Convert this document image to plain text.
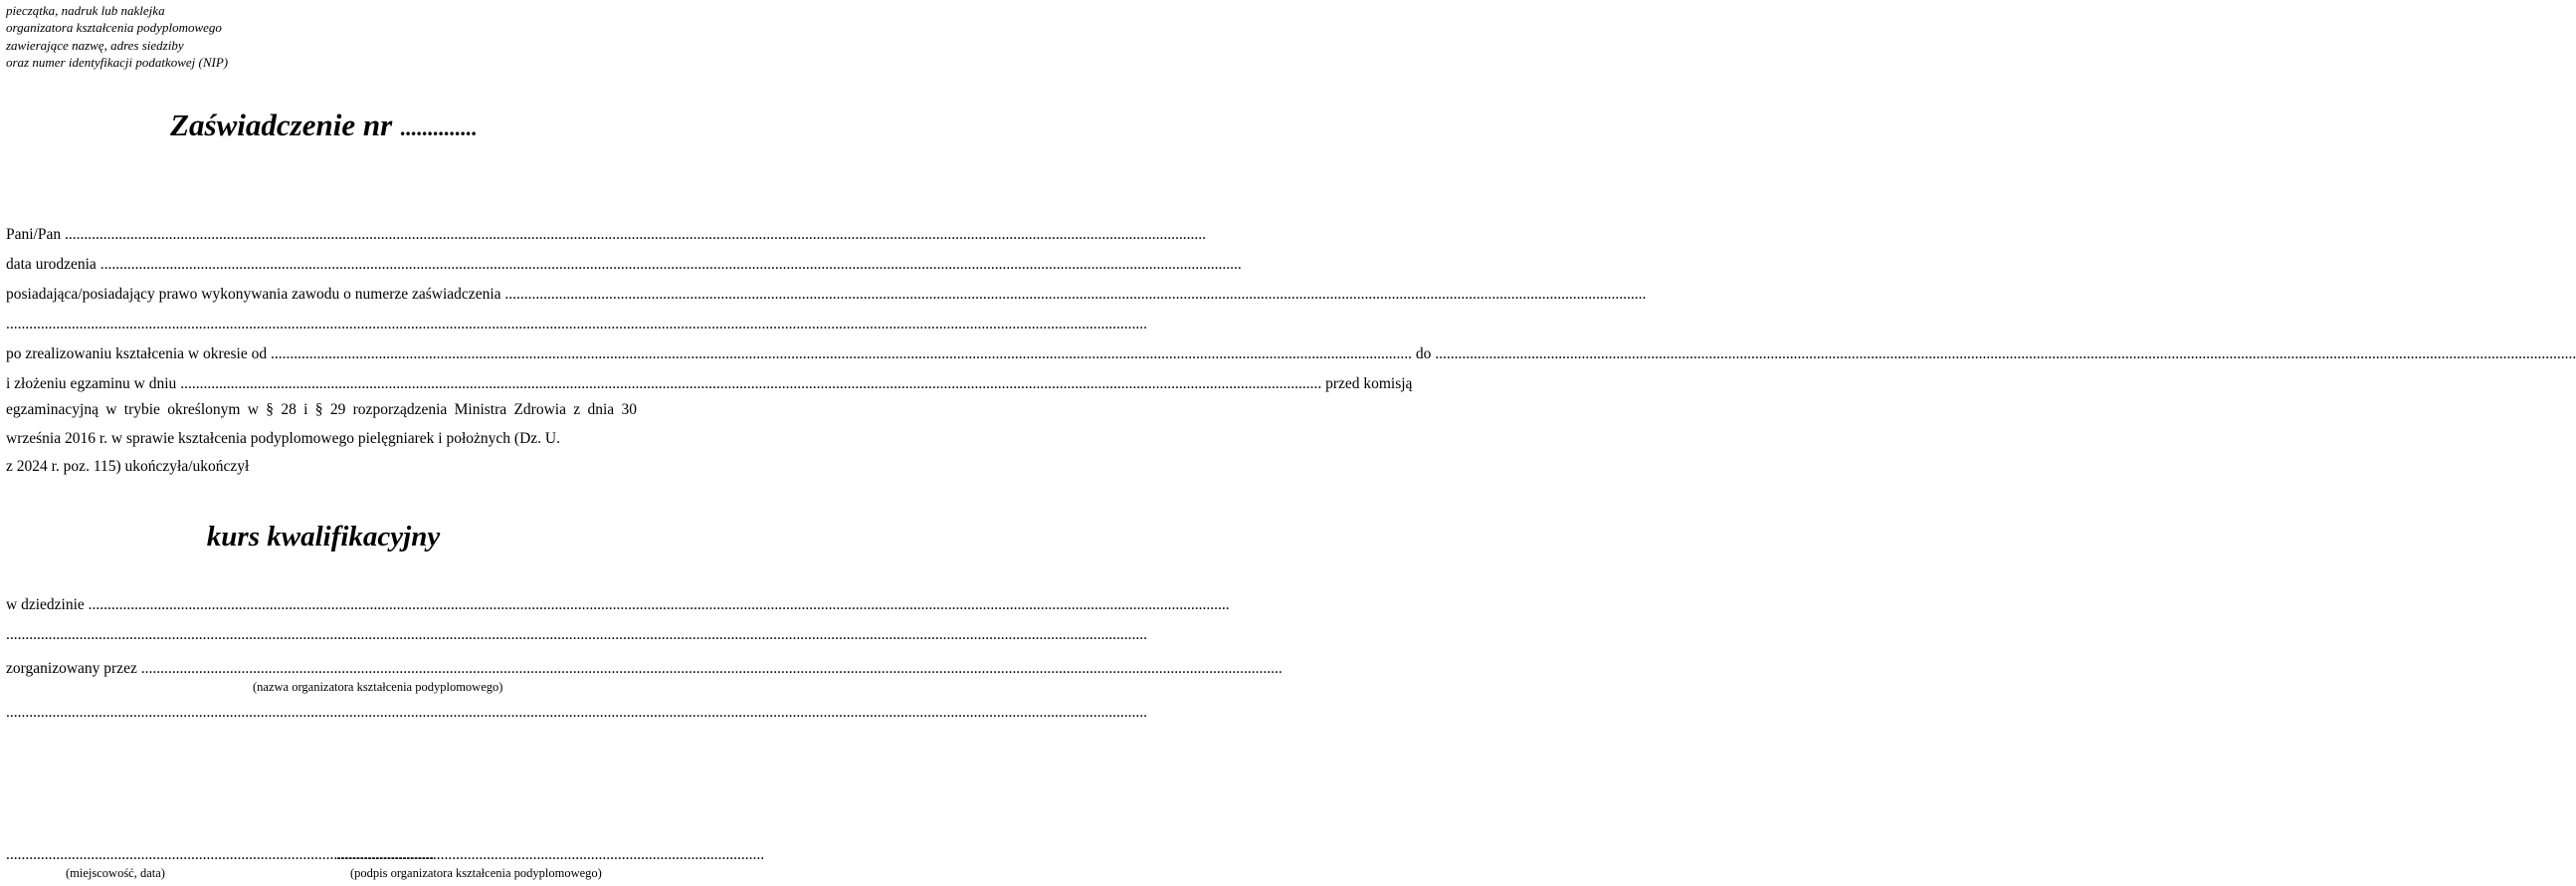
pieczątka, nadruk lub naklejka
organizatora kształcenia podyplomowego
zawierające nazwę, adres siedziby
oraz numer identyfikacji podatkowej (NIP)
Zaświadczenie nr ..............
Pani/Pan

.....
data urodzenia

.....
posiadająca/posiadający prawo wykonywania zawodu o numerze zaświadczenia

.....
.....
po zrealizowaniu kształcenia w okresie od
.....
	do

.....
i złożeniu egzaminu w dniu
.....
	przed komisją
egzaminacyjną w trybie określonym w § 28 i § 29 rozporządzenia Ministra Zdrowia z dnia 30 września 2016 r. w sprawie kształcenia podyplomowego pielęgniarek i położnych (Dz. U.
z 2024 r. poz. 115) ukończyła/ukończył
kurs kwalifikacyjny
w dziedzinie

.....
.....
zorganizowany przez

.....
(nazwa organizatora kształcenia podyplomowego)
.....
...............................................................................................................
(miejscowość, data)
...............................................................................................................
(podpis organizatora kształcenia podyplomowego)
